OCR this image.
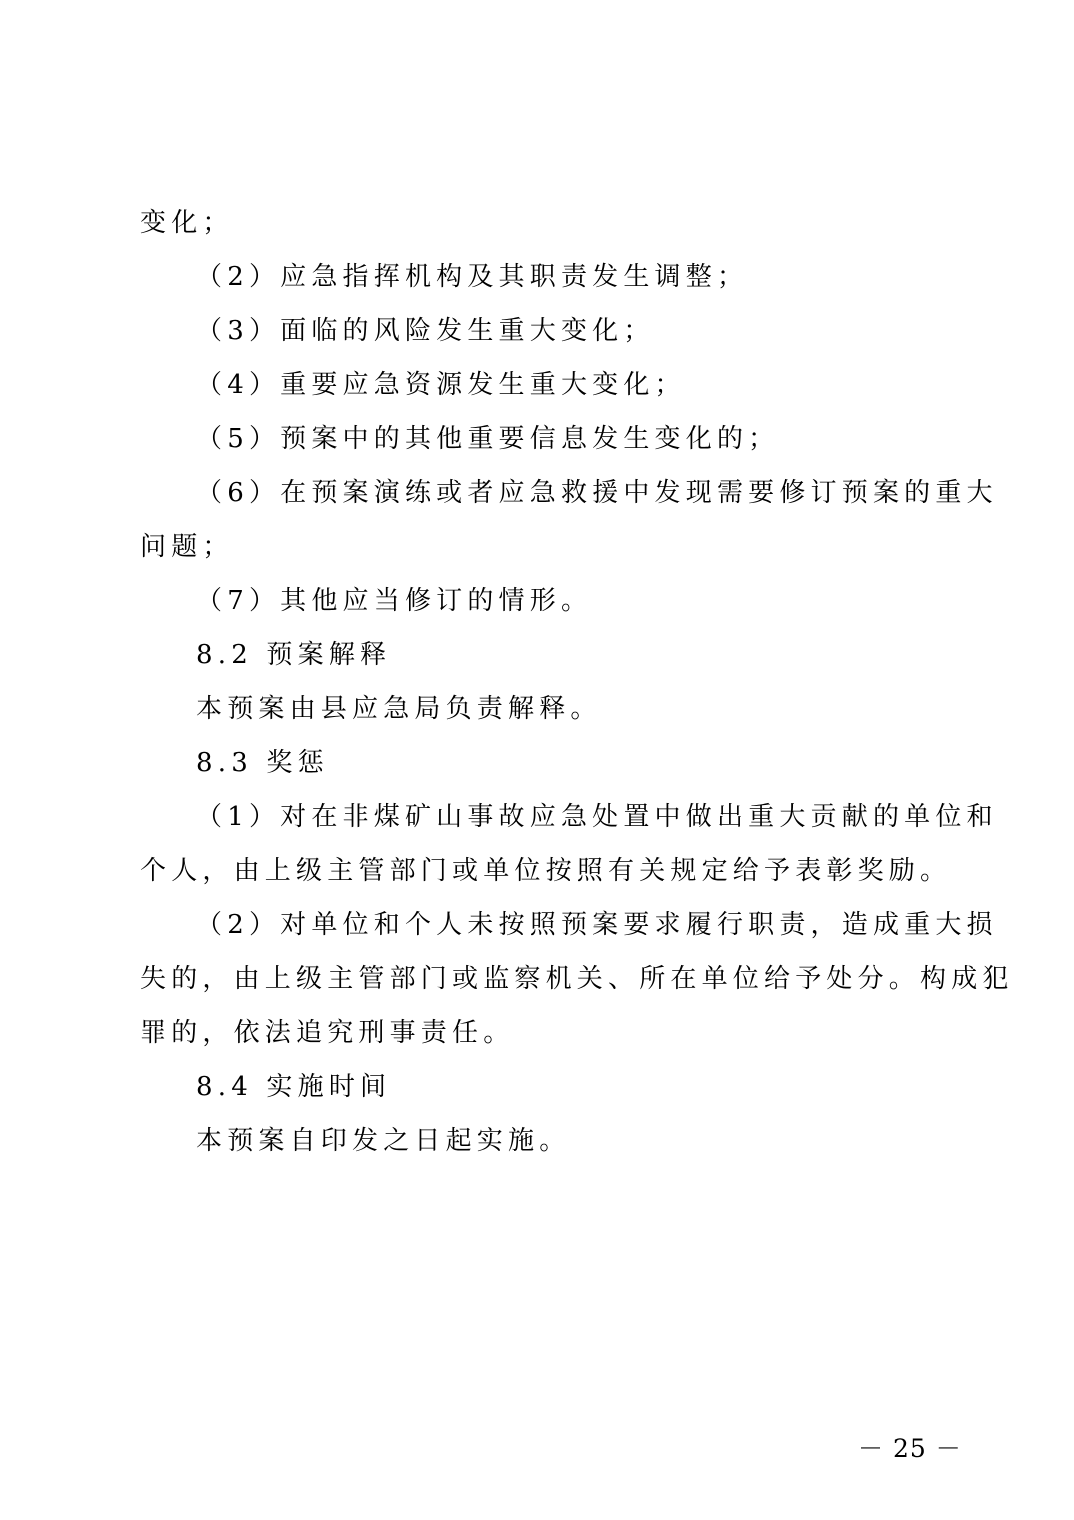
变化；
（2）应急指挥机构及其职责发生调整；
（3）面临的风险发生重大变化；
（4）重要应急资源发生重大变化；
（5）预案中的其他重要信息发生变化的；
（6）在预案演练或者应急救援中发现需要修订预案的重大
问题；
（7）其他应当修订的情形。
8.2 预案解释
本预案由县应急局负责解释。
8.3 奖惩
（1）对在非煤矿山事故应急处置中做出重大贡献的单位和
个人，由上级主管部门或单位按照有关规定给予表彰奖励。
（2）对单位和个人未按照预案要求履行职责，造成重大损
失的，由上级主管部门或监察机关、所在单位给予处分。构成犯
罪的，依法追究刑事责任。
8.4 实施时间
本预案自印发之日起实施。
－ 25 －
